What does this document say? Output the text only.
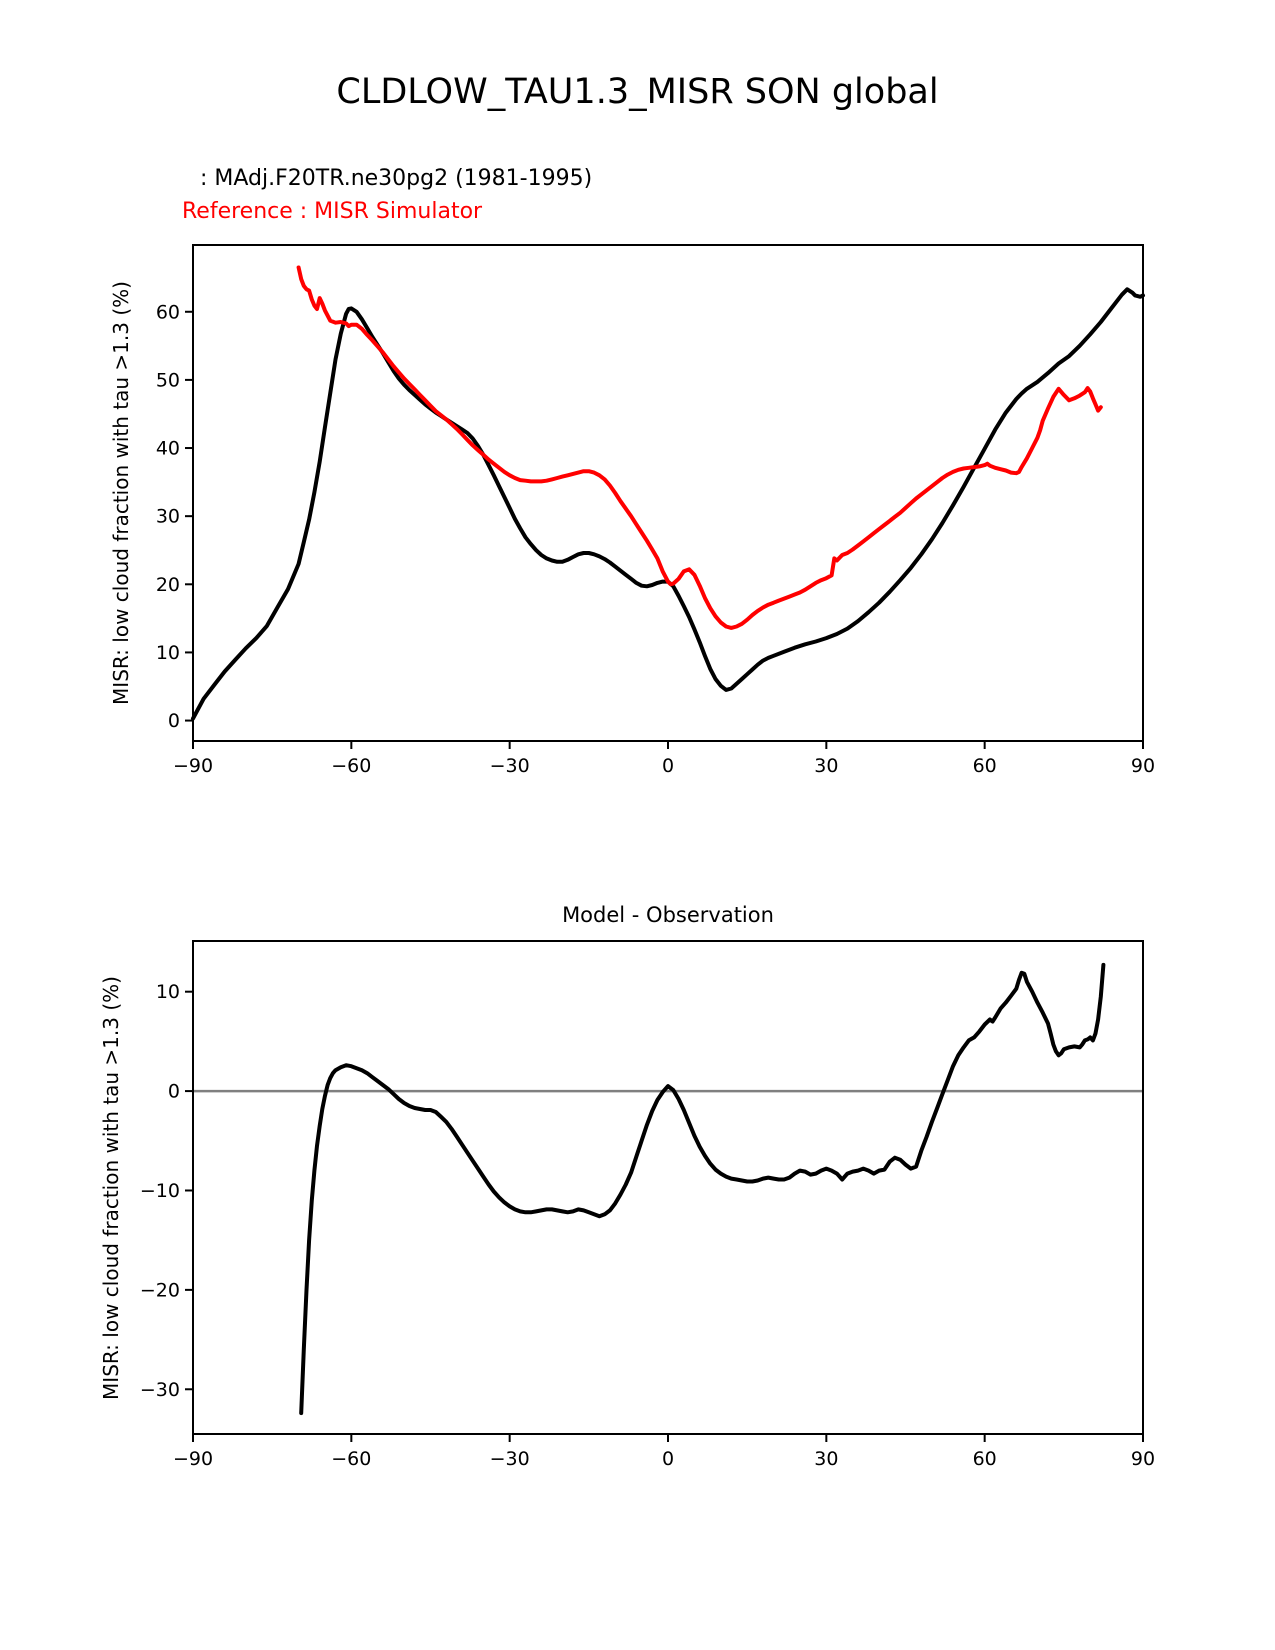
CLDLOW_TAU1.3_MISR SON global
: MAdj.F20TR.ne30pg2 (1981-1995)
Reference : MISR Simulator
MISR: low cloud fraction with tau >1.3 (%)
Model - Observation
MISR: low cloud fraction with tau >1.3 (%)
−90	−60	−30	0	30	60	90
0
10
20
30
40
50
60
−90	−60	−30	0	30	60	90
−30
−20
−10
0
10
